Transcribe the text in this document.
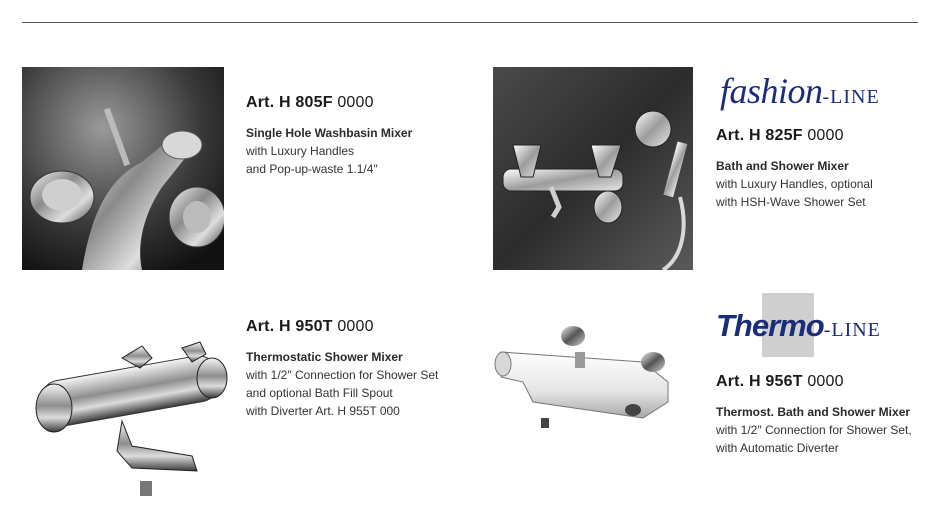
Art. H 805F 0000
Single Hole Washbasin Mixer
with Luxury Handles
and Pop-up-waste 1.1/4″
fashion-LINE
Art. H 825F 0000
Bath and Shower Mixer
with Luxury Handles, optional
with HSH-Wave Shower Set
Art. H 950T 0000
Thermostatic Shower Mixer
with 1/2″ Connection for Shower Set
and optional Bath Fill Spout
with Diverter Art. H 955T 000
Thermo-LINE
Art. H 956T 0000
Thermost. Bath and Shower Mixer
with 1/2″ Connection for Shower Set,
with Automatic Diverter
